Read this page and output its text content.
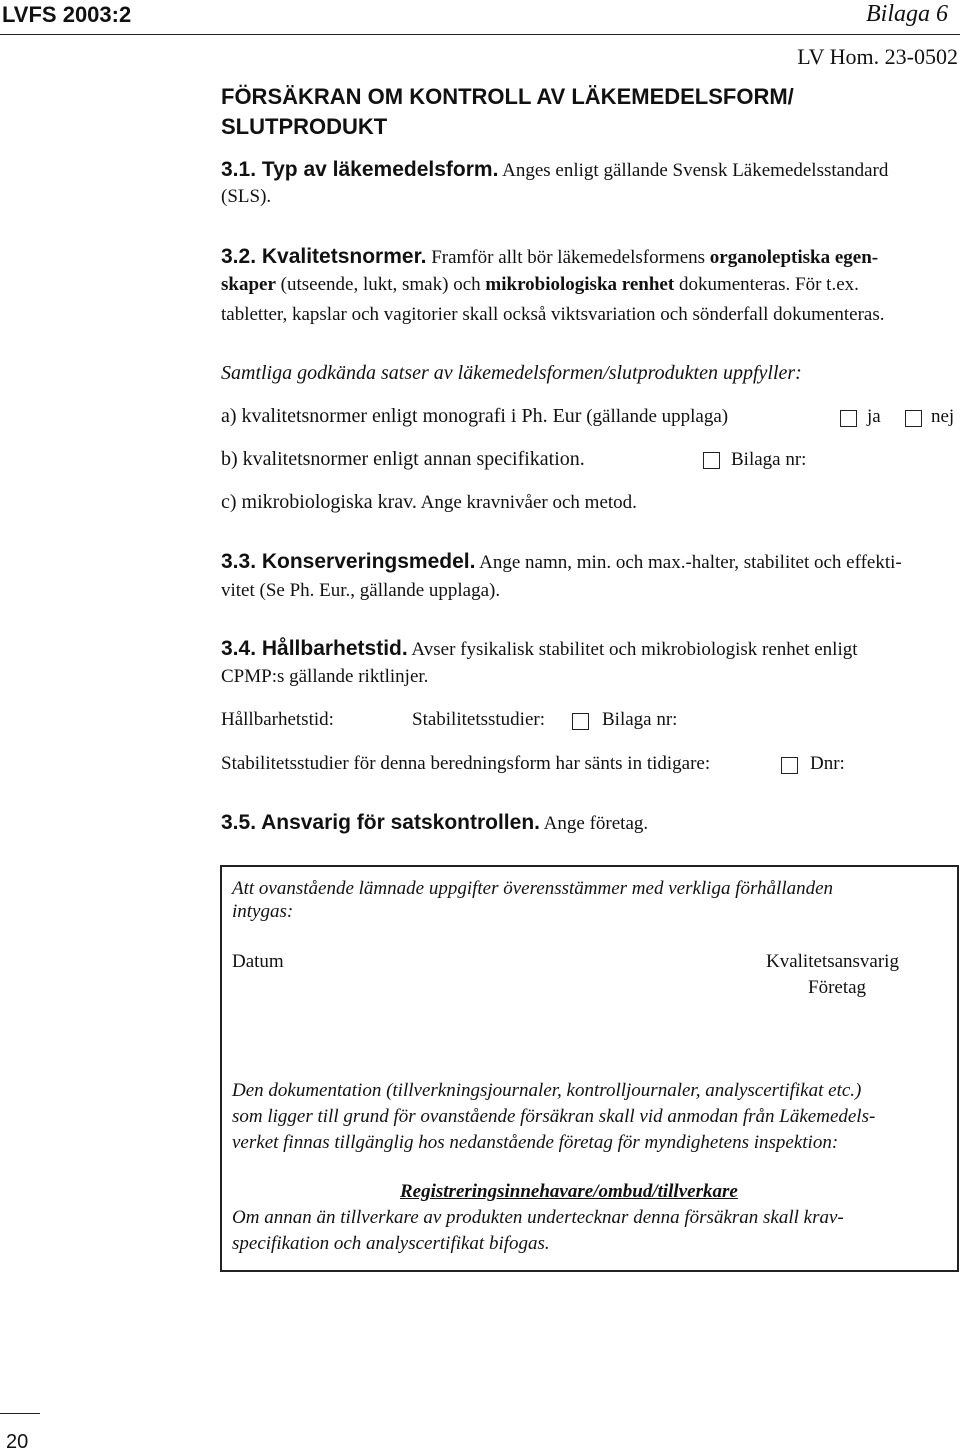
LVFS 2003:2	Bilaga 6
LV Hom. 23-0502
FÖRSÄKRAN OM KONTROLL AV LÄKEMEDELSFORM/
SLUTPRODUKT
3.1. Typ av läkemedelsform. Anges enligt gällande Svensk Läkemedelsstandard
(SLS).
3.2. Kvalitetsnormer. Framför allt bör läkemedelsformens organoleptiska egen-
skaper (utseende, lukt, smak) och mikrobiologiska renhet dokumenteras. För t.ex.
tabletter, kapslar och vagitorier skall också viktsvariation och sönderfall dokumenteras.
Samtliga godkända satser av läkemedelsformen/slutprodukten uppfyller:
a) kvalitetsnormer enligt monografi i Ph. Eur (gällande upplaga)	ja	nej
b) kvalitetsnormer enligt annan specifikation.	Bilaga nr:
c) mikrobiologiska krav. Ange kravnivåer och metod.
3.3. Konserveringsmedel. Ange namn, min. och max.-halter, stabilitet och effekti-
vitet (Se Ph. Eur., gällande upplaga).
3.4. Hållbarhetstid. Avser fysikalisk stabilitet och mikrobiologisk renhet enligt
CPMP:s gällande riktlinjer.
Hållbarhetstid:	Stabilitetsstudier:	Bilaga nr:
Stabilitetsstudier för denna beredningsform har sänts in tidigare:	Dnr:
3.5. Ansvarig för satskontrollen. Ange företag.
Att ovanstående lämnade uppgifter överensstämmer med verkliga förhållanden
intygas:
Datum	Kvalitetsansvarig
Företag
Den dokumentation (tillverkningsjournaler, kontrolljournaler, analyscertifikat etc.)
som ligger till grund för ovanstående försäkran skall vid anmodan från Läkemedels-
verket finnas tillgänglig hos nedanstående företag för myndighetens inspektion:
Registreringsinnehavare/ombud/tillverkare
Om annan än tillverkare av produkten undertecknar denna försäkran skall krav-
specifikation och analyscertifikat bifogas.
20
